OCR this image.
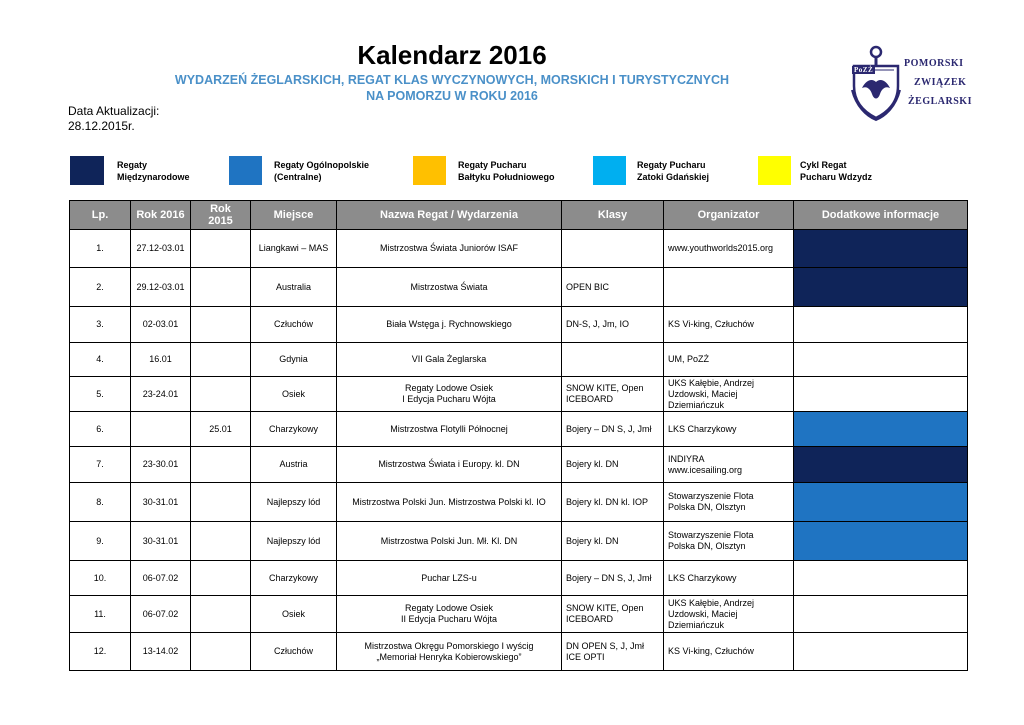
Kalendarz 2016
WYDARZEŃ ŻEGLARSKICH, REGAT KLAS WYCZYNOWYCH, MORSKICH I TURYSTYCZNYCH
NA POMORZU W ROKU 2016
Data Aktualizacji:
28.12.2015r.
PoZŻ
POMORSKI
ZWIĄZEK
ŻEGLARSKI
Regaty
Międzynarodowe
Regaty Ogólnopolskie
(Centralne)
Regaty Pucharu
Bałtyku Południowego
Regaty Pucharu
Zatoki Gdańskiej
Cykl Regat
Pucharu Wdzydz
Lp.	Rok 2016	Rok
2015	Miejsce	Nazwa Regat / Wydarzenia	Klasy	Organizator	Dodatkowe informacje
1.	27.12-03.01		Liangkawi – MAS	Mistrzostwa Świata Juniorów ISAF		www.youthworlds2015.org	
2.	29.12-03.01		Australia	Mistrzostwa Świata	OPEN BIC		
3.	02-03.01		Człuchów	Biała Wstęga j. Rychnowskiego	DN-S, J, Jm, IO	KS Vi-king, Człuchów	
4.	16.01		Gdynia	VII Gala Żeglarska		UM, PoZŻ	
5.	23-24.01		Osiek	Regaty Lodowe Osiek
I Edycja Pucharu Wójta	SNOW KITE, Open
ICEBOARD	UKS Kałębie, Andrzej
Uzdowski, Maciej
Dziemiańczuk	
6.		25.01	Charzykowy	Mistrzostwa Flotylli Północnej	Bojery – DN S, J, Jmł	LKS Charzykowy	
7.	23-30.01		Austria	Mistrzostwa Świata i Europy. kl. DN	Bojery kl. DN	INDIYRA
www.icesailing.org	
8.	30-31.01		Najlepszy lód	Mistrzostwa Polski Jun. Mistrzostwa Polski kl. IO	Bojery kl. DN kl. IOP	Stowarzyszenie Flota
Polska DN, Olsztyn	
9.	30-31.01		Najlepszy lód	Mistrzostwa Polski Jun. Mł. Kl. DN	Bojery kl. DN	Stowarzyszenie Flota
Polska DN, Olsztyn	
10.	06-07.02		Charzykowy	Puchar LZS-u	Bojery – DN S, J, Jmł	LKS Charzykowy	
11.	06-07.02		Osiek	Regaty Lodowe Osiek
II Edycja Pucharu Wójta	SNOW KITE, Open
ICEBOARD	UKS Kałębie, Andrzej
Uzdowski, Maciej
Dziemiańczuk	
12.	13-14.02		Człuchów	Mistrzostwa Okręgu Pomorskiego I wyścig
„Memoriał Henryka Kobierowskiego”	DN OPEN S, J, Jmł
ICE OPTI	KS Vi-king, Człuchów	
